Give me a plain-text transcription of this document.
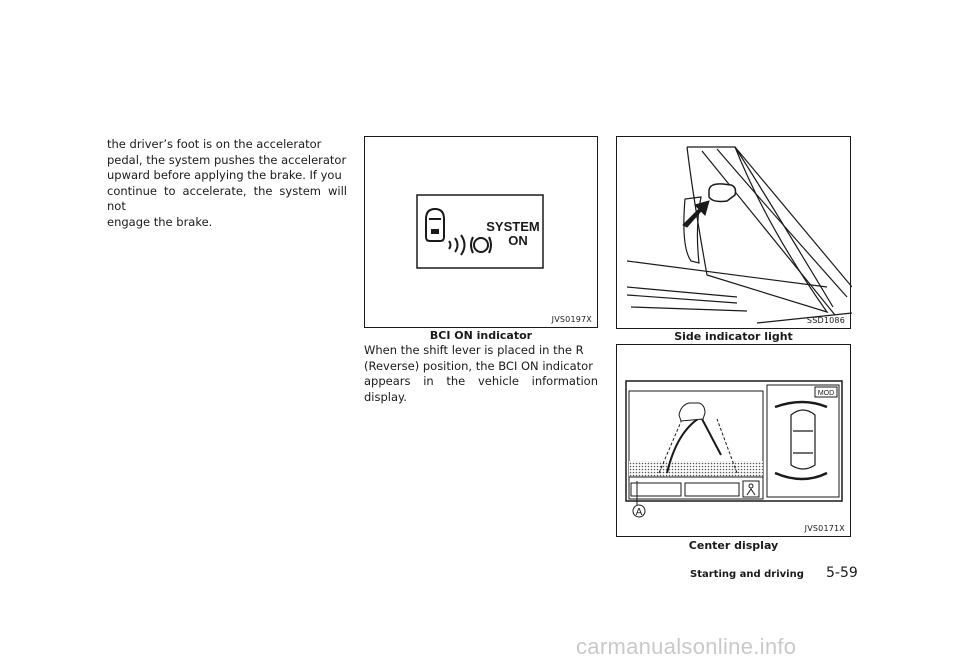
the driver’s foot is on the accelerator
pedal, the system pushes the accelerator
upward before applying the brake. If you
continue to accelerate, the system will not
engage the brake.	SYSTEM
ON
JVS0197X
BCI ON indicator

When the shift lever is placed in the R
(Reverse) position, the BCI ON indicator
appears in the vehicle information display.

SSD1086
Side indicator light
MOD
A
JVS0171X
Center display
Starting and driving 5-59
carmanualsonline.info
